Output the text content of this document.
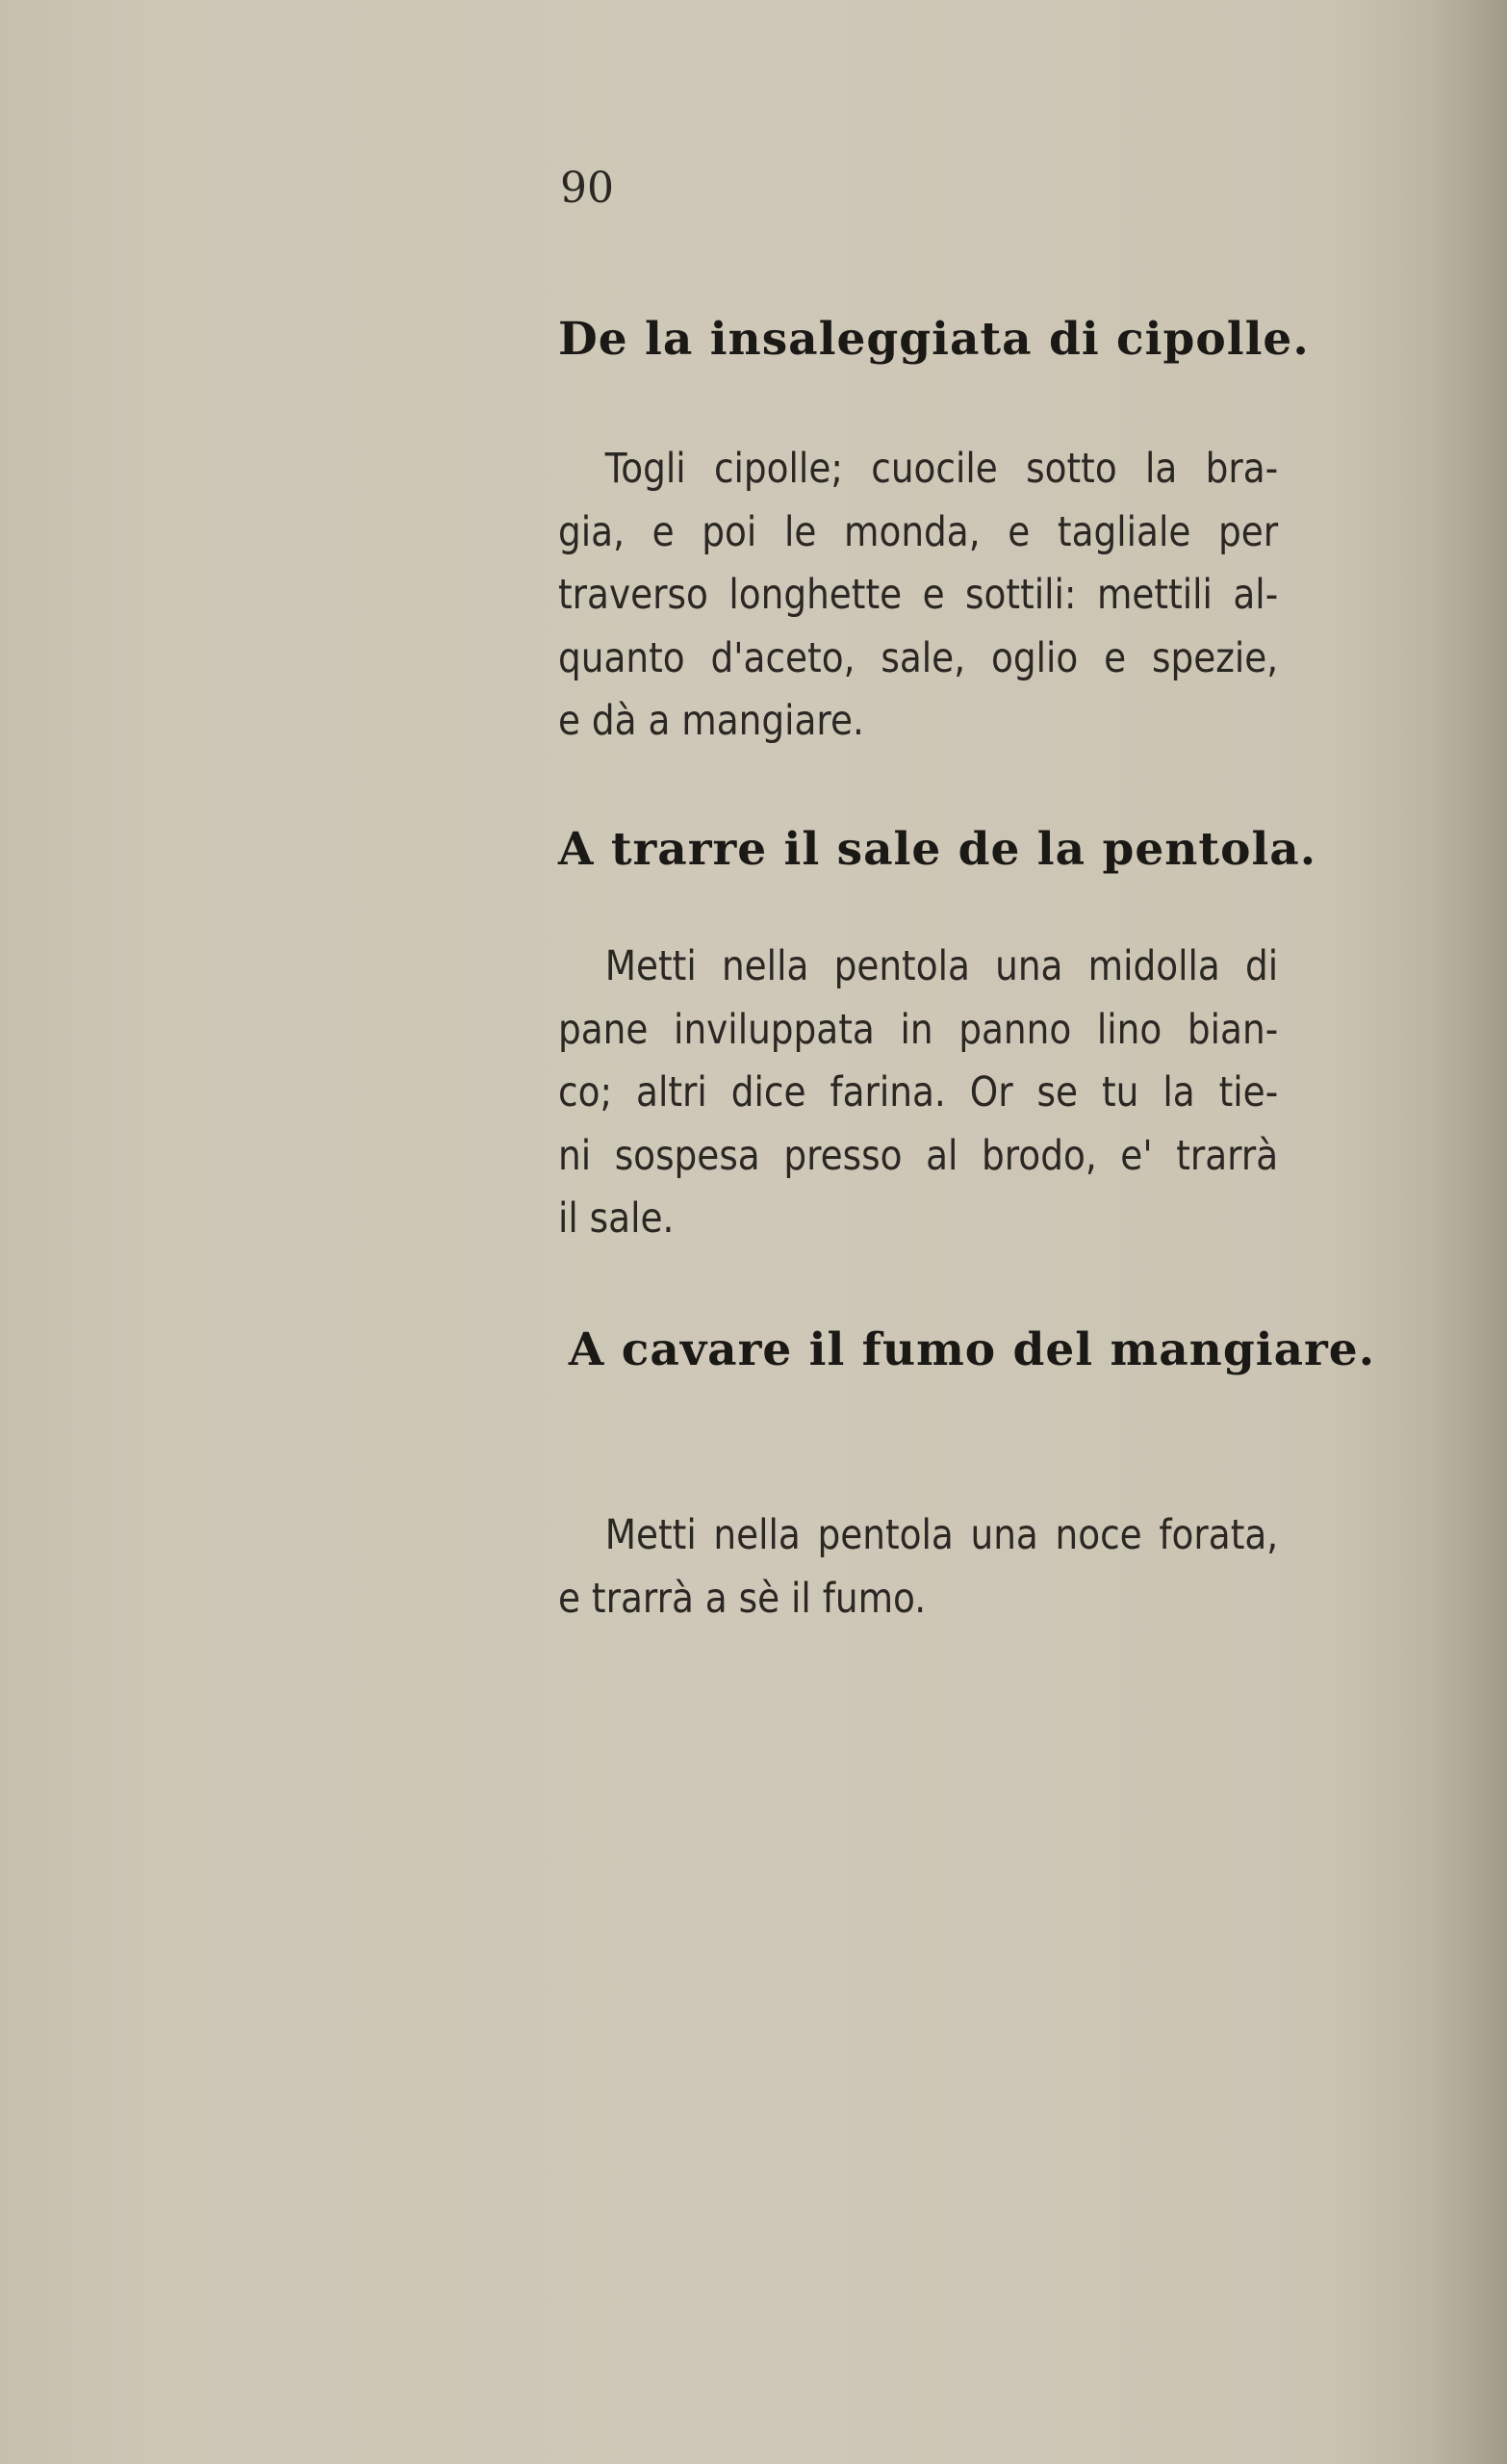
90
De la insaleggiata di cipolle.
Togli cipolle; cuocile sotto la bra-
gia, e poi le monda, e tagliale per
traverso longhette e sottili: mettili al-
quanto d'aceto, sale, oglio e spezie,
e dà a mangiare.
A trarre il sale de la pentola.
Metti nella pentola una midolla di
pane inviluppata in panno lino bian-
co; altri dice farina. Or se tu la tie-
ni sospesa presso al brodo, e' trarrà
il sale.
A cavare il fumo del mangiare.
Metti nella pentola una noce forata,
e trarrà a sè il fumo.
